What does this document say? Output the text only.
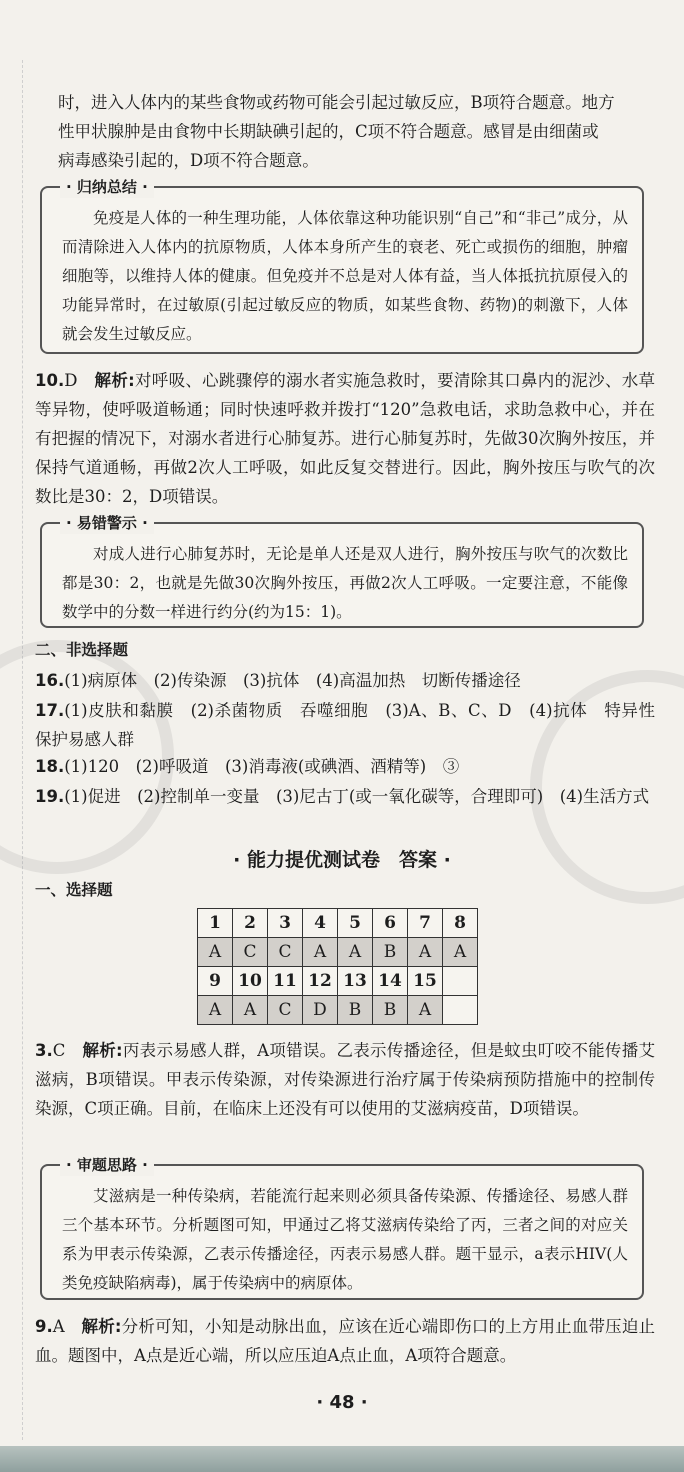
时，进入人体内的某些食物或药物可能会引起过敏反应，B项符合题意。地方
性甲状腺肿是由食物中长期缺碘引起的，C项不符合题意。感冒是由细菌或
病毒感染引起的，D项不符合题意。
· 归纳总结 ·
免疫是人体的一种生理功能，人体依靠这种功能识别“自己”和“非己”成分，从而清除进入人体内的抗原物质，人体本身所产生的衰老、死亡或损伤的细胞，肿瘤细胞等，以维持人体的健康。但免疫并不总是对人体有益，当人体抵抗抗原侵入的功能异常时，在过敏原(引起过敏反应的物质，如某些食物、药物)的刺激下，人体就会发生过敏反应。
10.D　 解析:对呼吸、心跳骤停的溺水者实施急救时，要清除其口鼻内的泥沙、水草等异物，使呼吸道畅通；同时快速呼救并拨打“120”急救电话，求助急救中心，并在有把握的情况下，对溺水者进行心肺复苏。进行心肺复苏时，先做30次胸外按压，并保持气道通畅，再做2次人工呼吸，如此反复交替进行。因此，胸外按压与吹气的次数比是30：2，D项错误。
· 易错警示 ·
对成人进行心肺复苏时，无论是单人还是双人进行，胸外按压与吹气的次数比都是30：2，也就是先做30次胸外按压，再做2次人工呼吸。一定要注意，不能像数学中的分数一样进行约分(约为15：1)。
二、非选择题
16.(1)病原体　(2)传染源　(3)抗体　(4)高温加热　切断传播途径
17.(1)皮肤和黏膜　(2)杀菌物质　吞噬细胞　(3)A、B、C、D　(4)抗体　特异性　保护易感人群
18.(1)120　(2)呼吸道　(3)消毒液(或碘酒、酒精等)　③
19.(1)促进　(2)控制单一变量　(3)尼古丁(或一氧化碳等，合理即可)　(4)生活方式
· 能力提优测试卷　答案 ·
一、选择题
1	2	3	4	5	6	7	8
A	C	C	A	A	B	A	A
9	10	11	12	13	14	15	
A	A	C	D	B	B	A	
3.C　 解析:丙表示易感人群，A项错误。乙表示传播途径，但是蚊虫叮咬不能传播艾滋病，B项错误。甲表示传染源，对传染源进行治疗属于传染病预防措施中的控制传染源，C项正确。目前，在临床上还没有可以使用的艾滋病疫苗，D项错误。
· 审题思路 ·
艾滋病是一种传染病，若能流行起来则必须具备传染源、传播途径、易感人群三个基本环节。分析题图可知，甲通过乙将艾滋病传染给了丙，三者之间的对应关系为甲表示传染源，乙表示传播途径，丙表示易感人群。题干显示，a表示HIV(人类免疫缺陷病毒)，属于传染病中的病原体。
9.A　 解析:分析可知，小知是动脉出血，应该在近心端即伤口的上方用止血带压迫止血。题图中，A点是近心端，所以应压迫A点止血，A项符合题意。
· 48 ·
